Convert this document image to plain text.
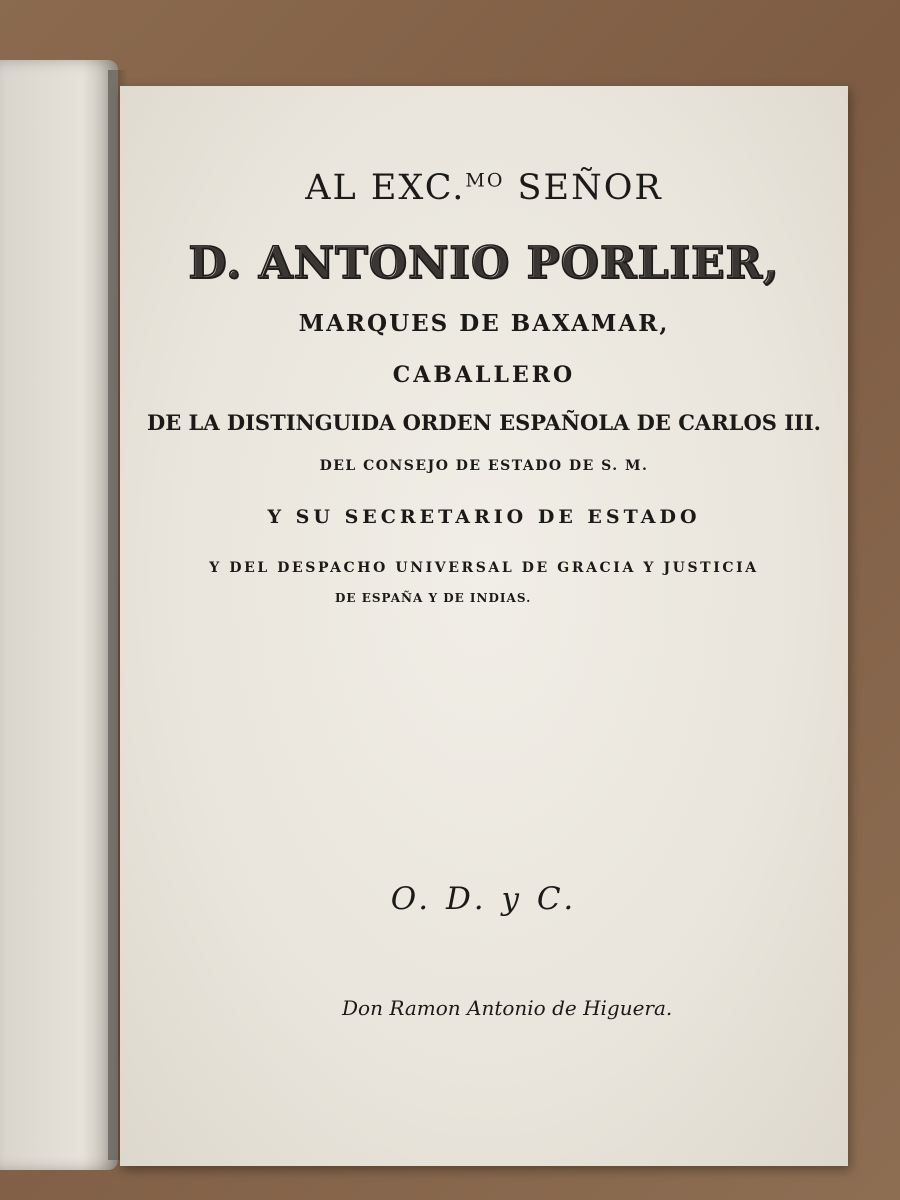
AL EXC.$^{MO}$ SEÑOR
D. ANTONIO PORLIER,
MARQUES DE BAXAMAR,
CABALLERO
DE LA DISTINGUIDA ORDEN ESPAÑOLA DE CARLOS III.
DEL CONSEJO DE ESTADO DE S. M.
Y SU SECRETARIO DE ESTADO
Y DEL DESPACHO UNIVERSAL DE GRACIA Y JUSTICIA
DE ESPAÑA Y DE INDIAS.
O. D. y C.
Don Ramon Antonio de Higuera.
